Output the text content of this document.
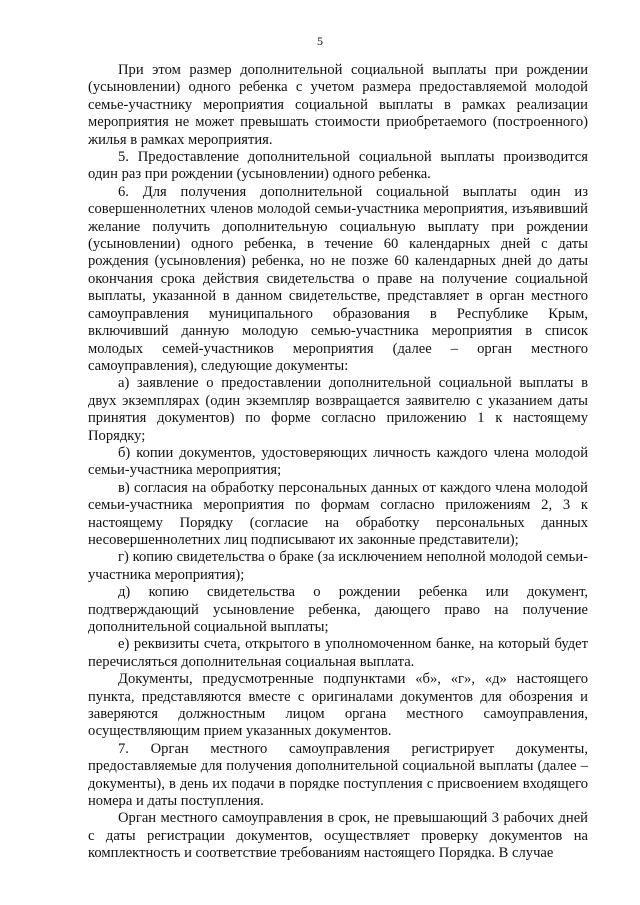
5

При этом размер дополнительной социальной выплаты при рождении (усыновлении) одного ребенка с учетом размера предоставляемой молодой семье-участнику мероприятия социальной выплаты в рамках реализации мероприятия не может превышать стоимости приобретаемого (построенного) жилья в рамках мероприятия.

5. Предоставление дополнительной социальной выплаты производится один раз при рождении (усыновлении) одного ребенка.

6. Для получения дополнительной социальной выплаты один из совершеннолетних членов молодой семьи-участника мероприятия, изъявивший желание получить дополнительную социальную выплату при рождении (усыновлении) одного ребенка, в течение 60 календарных дней с даты рождения (усыновления) ребенка, но не позже 60 календарных дней до даты окончания срока действия свидетельства о праве на получение социальной выплаты, указанной в данном свидетельстве, представляет в орган местного самоуправления муниципального образования в Республике Крым, включивший данную молодую семью-участника мероприятия в список молодых семей-участников мероприятия (далее – орган местного самоуправления), следующие документы:

а) заявление о предоставлении дополнительной социальной выплаты в двух экземплярах (один экземпляр возвращается заявителю с указанием даты принятия документов) по форме согласно приложению 1 к настоящему Порядку;

б) копии документов, удостоверяющих личность каждого члена молодой семьи-участника мероприятия;

в) согласия на обработку персональных данных от каждого члена молодой семьи-участника мероприятия по формам согласно приложениям 2, 3 к настоящему Порядку (согласие на обработку персональных данных несовершеннолетних лиц подписывают их законные представители);

г) копию свидетельства о браке (за исключением неполной молодой семьи-участника мероприятия);

д) копию свидетельства о рождении ребенка или документ, подтверждающий усыновление ребенка, дающего право на получение дополнительной социальной выплаты;

е) реквизиты счета, открытого в уполномоченном банке, на который будет перечисляться дополнительная социальная выплата.

Документы, предусмотренные подпунктами «б», «г», «д» настоящего пункта, представляются вместе с оригиналами документов для обозрения и заверяются должностным лицом органа местного самоуправления, осуществляющим прием указанных документов.

7. Орган местного самоуправления регистрирует документы, предоставляемые для получения дополнительной социальной выплаты (далее – документы), в день их подачи в порядке поступления с присвоением входящего номера и даты поступления.

Орган местного самоуправления в срок, не превышающий 3 рабочих дней с даты регистрации документов, осуществляет проверку документов на комплектность и соответствие требованиям настоящего Порядка. В случае
